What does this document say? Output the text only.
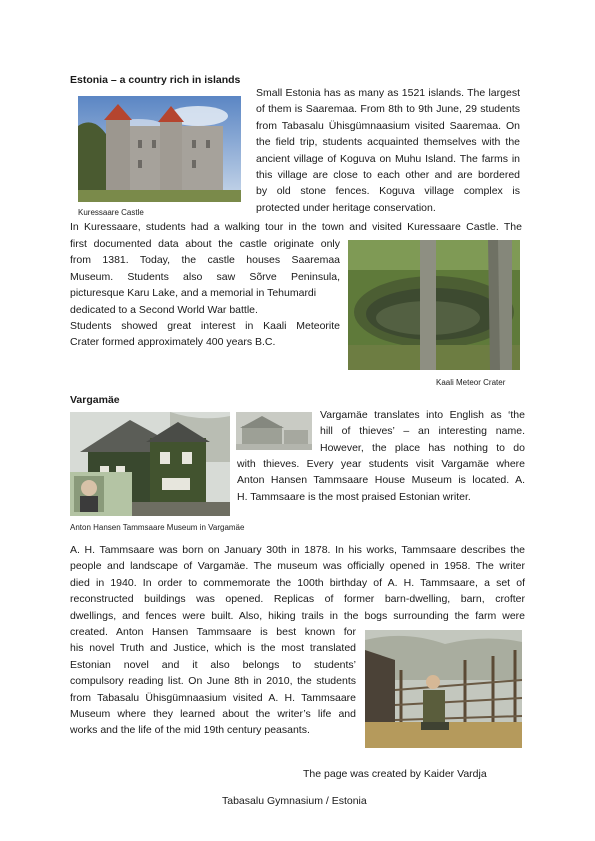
Estonia – a country rich in islands
Kuressaare Castle
Small Estonia has as many as 1521 islands. The largest
of them is Saaremaa. From 8th to 9th June, 29 students
from Tabasalu Ühisgümnaasium visited Saaremaa. On
the field trip, students acquainted themselves with the
ancient village of Koguva on Muhu Island. The farms in
this village are close to each other and are bordered
by old stone fences. Koguva village complex is
protected under heritage conservation.
In Kuressaare, students had a walking tour in the town and visited Kuressaare Castle. The
first documented data about the castle originate only
from 1381. Today, the castle houses Saaremaa
Museum. Students also saw Sõrve Peninsula,
picturesque Karu Lake, and a memorial in Tehumardi
dedicated to a Second World War battle.
Students showed great interest in Kaali Meteorite
Crater formed approximately 400 years B.C.
Kaali Meteor Crater
Vargamäe
Anton Hansen Tammsaare Museum in Vargamäe
Vargamäe translates into English as ‘the
hill of thieves’ – an interesting name.
However, the place has nothing to do
with thieves. Every year students visit Vargamäe where
Anton Hansen Tammsaare House Museum is located. A.
H. Tammsaare is the most praised Estonian writer.
A. H. Tammsaare was born on January 30th in 1878. In his works, Tammsaare describes the
people and landscape of Vargamäe. The museum was officially opened in 1958. The writer
died in 1940. In order to commemorate the 100th birthday of A. H. Tammsaare, a set of
reconstructed buildings was opened. Replicas of former barn-dwelling, barn, crofter
dwellings, and fences were built. Also, hiking trails in the bogs surrounding the farm were
created. Anton Hansen Tammsaare is best known for
his novel Truth and Justice, which is the most translated
Estonian novel and it also belongs to students’
compulsory reading list. On June 8th in 2010, the students
from Tabasalu Ühisgümnaasium visited A. H. Tammsaare
Museum where they learned about the writer’s life and
works and the life of the mid 19th century peasants.
The page was created by Kaider Vardja
Tabasalu Gymnasium / Estonia
